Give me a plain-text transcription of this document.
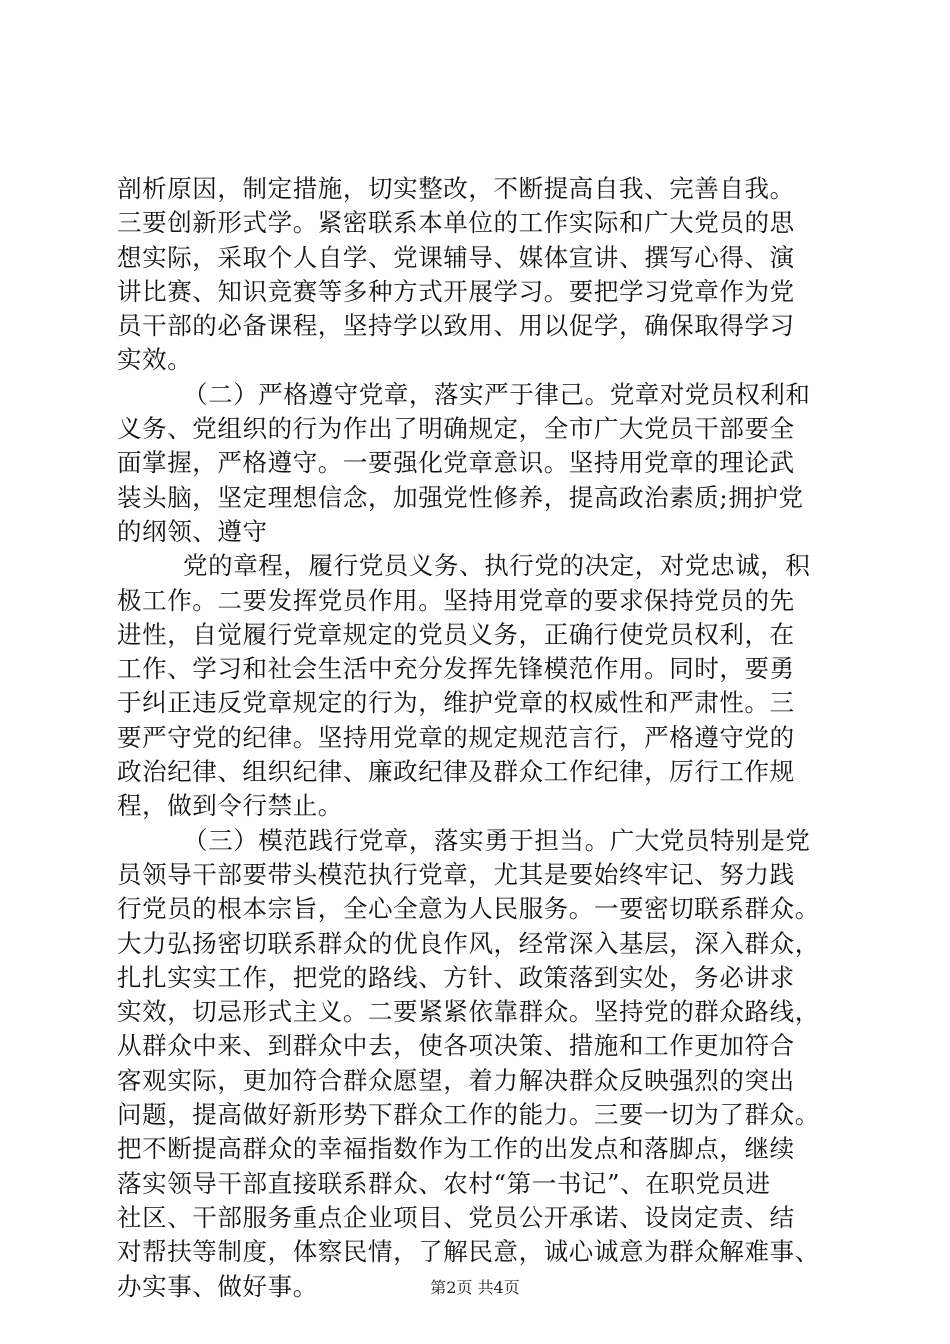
剖析原因，制定措施，切实整改，不断提高自我、完善自我。
三要创新形式学。紧密联系本单位的工作实际和广大党员的思
想实际，采取个人自学、党课辅导、媒体宣讲、撰写心得、演
讲比赛、知识竞赛等多种方式开展学习。要把学习党章作为党
员干部的必备课程，坚持学以致用、用以促学，确保取得学习
实效。
（二）严格遵守党章，落实严于律己。党章对党员权利和
义务、党组织的行为作出了明确规定，全市广大党员干部要全
面掌握，严格遵守。一要强化党章意识。坚持用党章的理论武
装头脑，坚定理想信念，加强党性修养，提高政治素质;拥护党
的纲领、遵守
党的章程，履行党员义务、执行党的决定，对党忠诚，积
极工作。二要发挥党员作用。坚持用党章的要求保持党员的先
进性，自觉履行党章规定的党员义务，正确行使党员权利，在
工作、学习和社会生活中充分发挥先锋模范作用。同时，要勇
于纠正违反党章规定的行为，维护党章的权威性和严肃性。三
要严守党的纪律。坚持用党章的规定规范言行，严格遵守党的
政治纪律、组织纪律、廉政纪律及群众工作纪律，厉行工作规
程，做到令行禁止。
（三）模范践行党章，落实勇于担当。广大党员特别是党
员领导干部要带头模范执行党章，尤其是要始终牢记、努力践
行党员的根本宗旨，全心全意为人民服务。一要密切联系群众。
大力弘扬密切联系群众的优良作风，经常深入基层，深入群众，
扎扎实实工作，把党的路线、方针、政策落到实处，务必讲求
实效，切忌形式主义。二要紧紧依靠群众。坚持党的群众路线，
从群众中来、到群众中去，使各项决策、措施和工作更加符合
客观实际，更加符合群众愿望，着力解决群众反映强烈的突出
问题，提高做好新形势下群众工作的能力。三要一切为了群众。
把不断提高群众的幸福指数作为工作的出发点和落脚点，继续
落实领导干部直接联系群众、农村“第一书记”、在职党员进
社区、干部服务重点企业项目、党员公开承诺、设岗定责、结
对帮扶等制度，体察民情，了解民意，诚心诚意为群众解难事、
办实事、做好事。	第2页 共4页
